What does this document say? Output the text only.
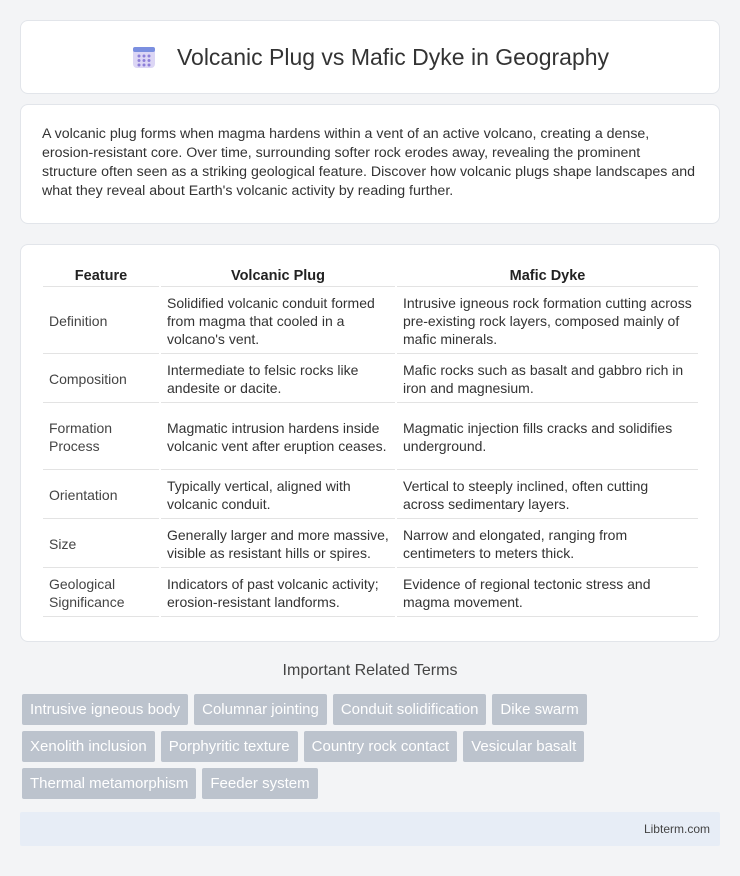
Volcanic Plug vs Mafic Dyke in Geography

A volcanic plug forms when magma hardens within a vent of an active volcano, creating a dense, erosion-resistant core. Over time, surrounding softer rock erodes away, revealing the prominent structure often seen as a striking geological feature. Discover how volcanic plugs shape landscapes and what they reveal about Earth's volcanic activity by reading further.

Feature	Volcanic Plug	Mafic Dyke
Definition	Solidified volcanic conduit formed from magma that cooled in a volcano's vent.	Intrusive igneous rock formation cutting across pre-existing rock layers, composed mainly of mafic minerals.
Composition	Intermediate to felsic rocks like andesite or dacite.	Mafic rocks such as basalt and gabbro rich in iron and magnesium.
Formation Process	Magmatic intrusion hardens inside volcanic vent after eruption ceases.	Magmatic injection fills cracks and solidifies underground.
Orientation	Typically vertical, aligned with volcanic conduit.	Vertical to steeply inclined, often cutting across sedimentary layers.
Size	Generally larger and more massive, visible as resistant hills or spires.	Narrow and elongated, ranging from centimeters to meters thick.
Geological Significance	Indicators of past volcanic activity; erosion-resistant landforms.	Evidence of regional tectonic stress and magma movement.
Important Related Terms
Intrusive igneous body	Columnar jointing	Conduit solidification	Dike swarm
Xenolith inclusion	Porphyritic texture	Country rock contact	Vesicular basalt
Thermal metamorphism	Feeder system
Libterm.com
